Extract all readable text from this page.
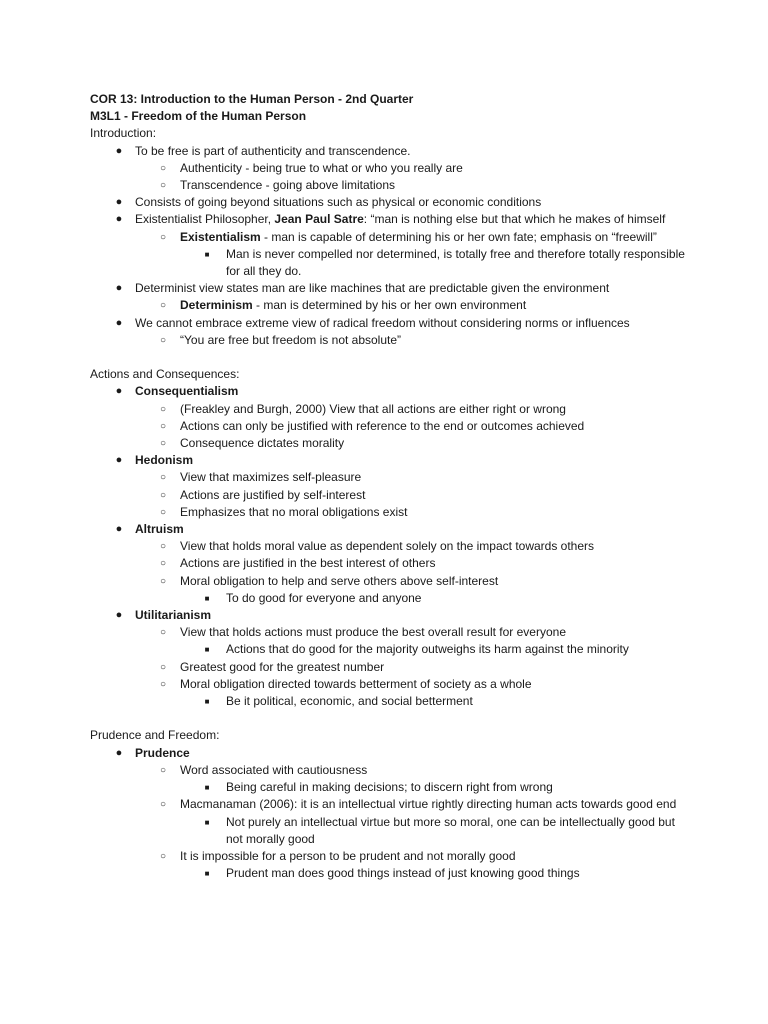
COR 13: Introduction to the Human Person - 2nd Quarter
M3L1 - Freedom of the Human Person
Introduction:
● To be free is part of authenticity and transcendence.
○ Authenticity - being true to what or who you really are
○ Transcendence - going above limitations
● Consists of going beyond situations such as physical or economic conditions
● Existentialist Philosopher, Jean Paul Satre: “man is nothing else but that which he makes of himself
○ Existentialism - man is capable of determining his or her own fate; emphasis on “freewill”
■ Man is never compelled nor determined, is totally free and therefore totally responsible for all they do.
● Determinist view states man are like machines that are predictable given the environment
○ Determinism - man is determined by his or her own environment
● We cannot embrace extreme view of radical freedom without considering norms or influences
○ “You are free but freedom is not absolute”
Actions and Consequences:
● Consequentialism
○ (Freakley and Burgh, 2000) View that all actions are either right or wrong
○ Actions can only be justified with reference to the end or outcomes achieved
○ Consequence dictates morality
● Hedonism
○ View that maximizes self-pleasure
○ Actions are justified by self-interest
○ Emphasizes that no moral obligations exist
● Altruism
○ View that holds moral value as dependent solely on the impact towards others
○ Actions are justified in the best interest of others
○ Moral obligation to help and serve others above self-interest
■ To do good for everyone and anyone
● Utilitarianism
○ View that holds actions must produce the best overall result for everyone
■ Actions that do good for the majority outweighs its harm against the minority
○ Greatest good for the greatest number
○ Moral obligation directed towards betterment of society as a whole
■ Be it political, economic, and social betterment
Prudence and Freedom:
● Prudence
○ Word associated with cautiousness
■ Being careful in making decisions; to discern right from wrong
○ Macmanaman (2006): it is an intellectual virtue rightly directing human acts towards good end
■ Not purely an intellectual virtue but more so moral, one can be intellectually good but not morally good
○ It is impossible for a person to be prudent and not morally good
■ Prudent man does good things instead of just knowing good things
